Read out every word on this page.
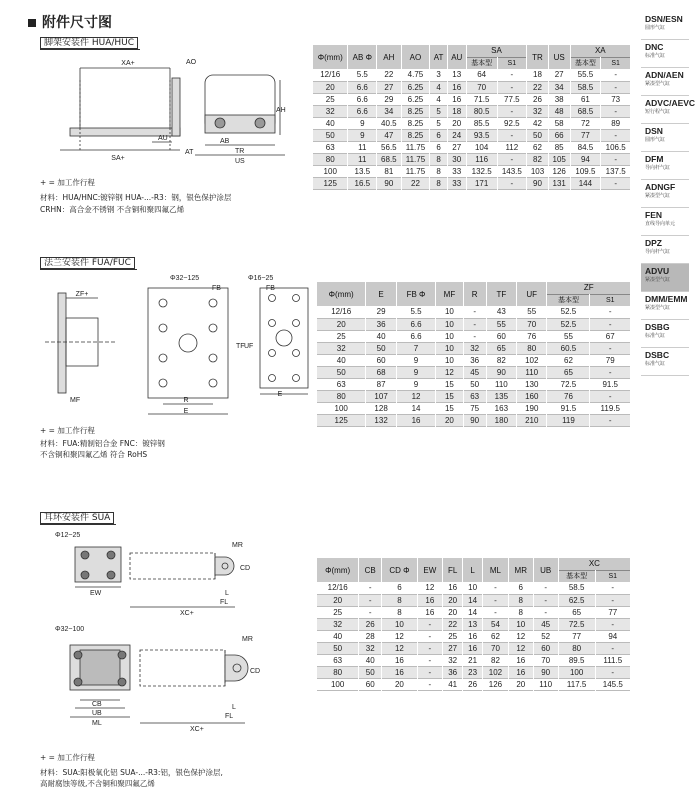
附件尺寸图
脚架安装件 HUA/HUC
XA+	AO
SA+
AU
AT
AB
TR
US
AH
+ = 加工作行程
材料：HUA/HNC:镀锌钢 HUA-...-R3：钢，银色保护涂层
CRHN：高合金不锈钢 不含铜和聚四氟乙烯
Φ(mm)	AB Φ	AH	AO	AT	AU	SA		TR	US	XA	
						基本型	S1			基本型	S1
12/16	5.5	22	4.75	3	13	64	-	18	27	55.5	-
20	6.6	27	6.25	4	16	70	-	22	34	58.5	-
25	6.6	29	6.25	4	16	71.5	77.5	26	38	61	73
32	6.6	34	8.25	5	18	80.5	-	32	48	68.5	-
40	9	40.5	8.25	5	20	85.5	92.5	42	58	72	89
50	9	47	8.25	6	24	93.5	-	50	66	77	-
63	11	56.5	11.75	6	27	104	112	62	85	84.5	106.5
80	11	68.5	11.75	8	30	116	-	82	105	94	-
100	13.5	81	11.75	8	33	132.5	143.5	103	126	109.5	137.5
125	16.5	90	22	8	33	171	-	90	131	144	-
法兰安装件 FUA/FUC
ZF+
Φ32~125	Φ16~25
FB	FB
MF	R
E
E
TF UF
+ = 加工作行程
材料：FUA:精制铝合金 FNC：镀锌钢
不含铜和聚四氟乙烯 符合 RoHS
Φ(mm)	E	FB Φ	MF	R	TF	UF	ZF	
							基本型	S1
12/16	29	5.5	10	-	43	55	52.5	-
20	36	6.6	10	-	55	70	52.5	-
25	40	6.6	10	-	60	76	55	67
32	50	7	10	32	65	80	60.5	-
40	60	9	10	36	82	102	62	79
50	68	9	12	45	90	110	65	-
63	87	9	15	50	110	130	72.5	91.5
80	107	12	15	63	135	160	76	-
100	128	14	15	75	163	190	91.5	119.5
125	132	16	20	90	180	210	119	-
耳环安装件 SUA
Φ12~25
Φ32~100
MR
CD
EW	L
FL
XC+
MR
CD
CB
UB
ML
L
FL
XC+
+ = 加工作行程
材料：SUA:阳极氧化铝 SUA-...-R3:铝，银色保护涂层,
高耐腐蚀等级,不含铜和聚四氟乙烯
Φ(mm)	CB	CD Φ	EW	FL	L	ML	MR	UB	XC	
									基本型	S1
12/16	-	6	12	16	10	-	6	-	58.5	-
20	-	8	16	20	14	-	8	-	62.5	-
25	-	8	16	20	14	-	8	-	65	77
32	26	10	-	22	13	54	10	45	72.5	-
40	28	12	-	25	16	62	12	52	77	94
50	32	12	-	27	16	70	12	60	80	-
63	40	16	-	32	21	82	16	70	89.5	111.5
80	50	16	-	36	23	102	16	90	100	-
100	60	20	-	41	26	126	20	110	117.5	145.5
DSN/ESN
圆形气缸
DNC
标准气缸
ADN/AEN
紧凑型气缸
ADVC/AEVC
短行程气缸
DSN
圆形气缸
DFM
导向杆气缸
ADNGF
紧凑型气缸
FEN
直线导向单元
DPZ
导向杆气缸
ADVU
紧凑型气缸
DMM/EMM
紧凑型气缸
DSBG
标准气缸
DSBC
标准气缸
